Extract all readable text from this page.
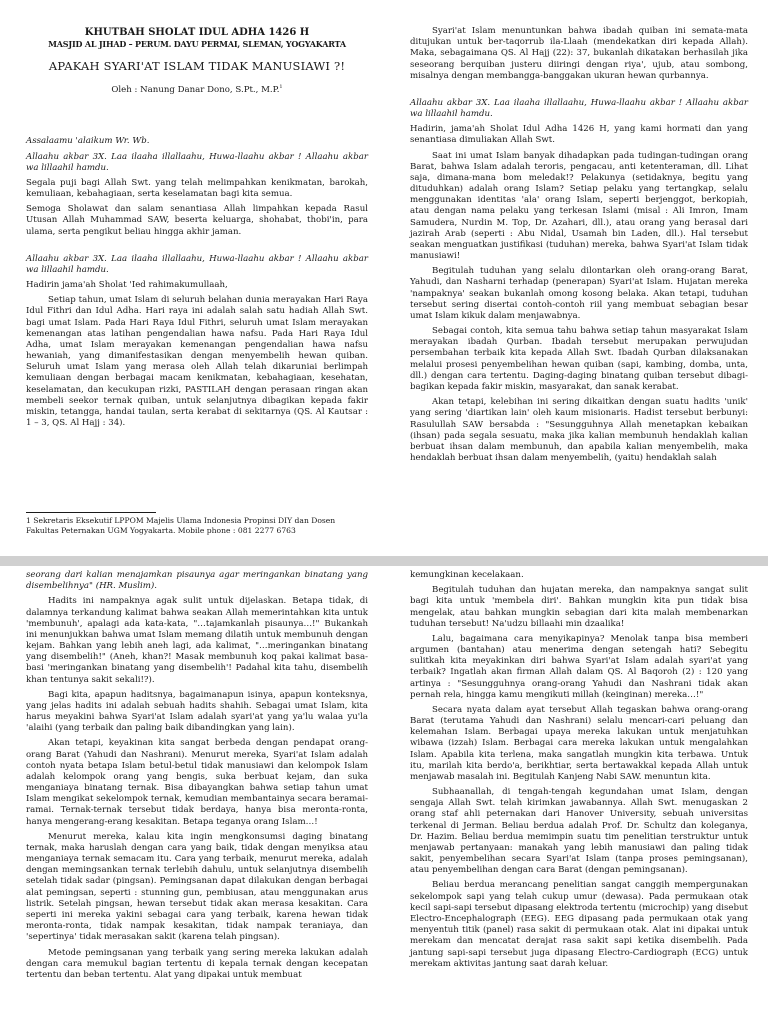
KHUTBAH SHOLAT IDUL ADHA 1426 H

MASJID AL JIHAD – PERUM. DAYU PERMAI, SLEMAN, YOGYAKARTA

APAKAH SYARI'AT ISLAM TIDAK MANUSIAWI ?!

Oleh : Nanung Danar Dono, S.Pt., M.P.$^1$

Assalaamu 'alaikum Wr. Wb.

Allaahu akbar 3X. Laa ilaaha illallaahu, Huwa-llaahu akbar ! Allaahu akbar wa lillaahil hamdu.

Segala puji bagi Allah Swt. yang telah melimpahkan kenikmatan, barokah, kemuliaan, kebahagiaan, serta keselamatan bagi kita semua.

Semoga Sholawat dan salam senantiasa Allah limpahkan kepada Rasul Utusan Allah Muhammad SAW, beserta keluarga, shohabat, thobi'in, para ulama, serta pengikut beliau hingga akhir jaman.

Allaahu akbar 3X. Laa ilaaha illallaahu, Huwa-llaahu akbar ! Allaahu akbar wa lillaahil hamdu.

Hadirin jama'ah Sholat 'Ied rahimakumullaah,

Setiap tahun, umat Islam di seluruh belahan dunia merayakan Hari Raya Idul Fithri dan Idul Adha. Hari raya ini adalah salah satu hadiah Allah Swt. bagi umat Islam. Pada Hari Raya Idul Fithri, seluruh umat Islam merayakan kemenangan atas latihan pengendalian hawa nafsu. Pada Hari Raya Idul Adha, umat Islam merayakan kemenangan pengendalian hawa nafsu hewaniah, yang dimanifestasikan dengan menyembelih hewan quiban. Seluruh umat Islam yang merasa oleh Allah telah dikaruniai berlimpah kemuliaan dengan berbagai macam kenikmatan, kebahagiaan, kesehatan, keselamatan, dan kecukupan rizki, PASTILAH dengan perasaan ringan akan membeli seekor ternak quiban, untuk selanjutnya dibagikan kepada fakir miskin, tetangga, handai taulan, serta kerabat di sekitarnya (QS. Al Kautsar : 1 – 3, QS. Al Hajj : 34).

1 Sekretaris Eksekutif LPPOM Majelis Ulama Indonesia Propinsi DIY dan Dosen Fakultas Peternakan UGM Yogyakarta. Mobile phone : 081 2277 6763

Syari'at Islam menuntunkan bahwa ibadah quiban ini semata-mata ditujukan untuk ber-taqorrub ila-Llaah (mendekatkan diri kepada Allah). Maka, sebagaimana QS. Al Hajj (22): 37, bukanlah dikatakan berhasilah jika seseorang berquiban justeru diiringi dengan riya', ujub, atau sombong, misalnya dengan membangga-banggakan ukuran hewan qurbannya.

Allaahu akbar 3X. Laa ilaaha illallaahu, Huwa-llaahu akbar ! Allaahu akbar wa lillaahil hamdu.

Hadirin, jama'ah Sholat Idul Adha 1426 H, yang kami hormati dan yang senantiasa dimuliakan Allah Swt.

Saat ini umat Islam banyak dihadapkan pada tudingan-tudingan orang Barat, bahwa Islam adalah teroris, pengacau, anti ketenteraman, dll. Lihat saja, dimana-mana bom meledak!? Pelakunya (setidaknya, begitu yang dituduhkan) adalah orang Islam? Setiap pelaku yang tertangkap, selalu menggunakan identitas 'ala' orang Islam, seperti berjenggot, berkopiah, atau dengan nama pelaku yang terkesan Islami (misal : Ali Imron, Imam Samudera, Nurdin M. Top, Dr. Azahari, dll.), atau orang yang berasal dari jazirah Arab (seperti : Abu Nidal, Usamah bin Laden, dll.). Hal tersebut seakan menguatkan justifikasi (tuduhan) mereka, bahwa Syari'at Islam tidak manusiawi!

Begitulah tuduhan yang selalu dilontarkan oleh orang-orang Barat, Yahudi, dan Nasharni terhadap (penerapan) Syari'at Islam. Hujatan mereka 'nampaknya' seakan bukanlah omong kosong belaka. Akan tetapi, tuduhan tersebut sering disertai contoh-contoh riil yang membuat sebagian besar umat Islam kikuk dalam menjawabnya.

Sebagai contoh, kita semua tahu bahwa setiap tahun masyarakat Islam merayakan ibadah Qurban. Ibadah tersebut merupakan perwujudan persembahan terbaik kita kepada Allah Swt. Ibadah Qurban dilaksanakan melalui prosesi penyembelihan hewan quiban (sapi, kambing, domba, unta, dll.) dengan cara tertentu. Daging-daging binatang quiban tersebut dibagi-bagikan kepada fakir miskin, masyarakat, dan sanak kerabat.

Akan tetapi, kelebihan ini sering dikaitkan dengan suatu hadits 'unik' yang sering 'diartikan lain' oleh kaum misionaris. Hadist tersebut berbunyi: Rasulullah SAW bersabda : "Sesungguhnya Allah menetapkan kebaikan (ihsan) pada segala sesuatu, maka jika kalian membunuh hendaklah kalian berbuat ihsan dalam membunuh, dan apabila kalian menyembelih, maka hendaklah berbuat ihsan dalam menyembelih, (yaitu) hendaklah salah

seorang dari kalian menajamkan pisaunya agar meringankan binatang yang disembelihnya" (HR. Muslim).

Hadits ini nampaknya agak sulit untuk dijelaskan. Betapa tidak, di dalamnya terkandung kalimat bahwa seakan Allah memerintahkan kita untuk 'membunuh', apalagi ada kata-kata, "…tajamkanlah pisaunya…!" Bukankah ini menunjukkan bahwa umat Islam memang dilatih untuk membunuh dengan kejam. Bahkan yang lebih aneh lagi, ada kalimat, "…meringankan binatang yang disembelih!" (Aneh, khan?! Masak membunuh koq pakai kalimat basa-basi 'meringankan binatang yang disembelih'! Padahal kita tahu, disembelih khan tentunya sakit sekali!?).

Bagi kita, apapun haditsnya, bagaimanapun isinya, apapun konteksnya, yang jelas hadits ini adalah sebuah hadits shahih. Sebagai umat Islam, kita harus meyakini bahwa Syari'at Islam adalah syari'at yang ya'lu walaa yu'la 'alaihi (yang terbaik dan paling baik dibandingkan yang lain).

Akan tetapi, keyakinan kita sangat berbeda dengan pendapat orang-orang Barat (Yahudi dan Nashrani). Menurut mereka, Syari'at Islam adalah contoh nyata betapa Islam betul-betul tidak manusiawi dan kelompok Islam adalah kelompok orang yang bengis, suka berbuat kejam, dan suka menganiaya binatang ternak. Bisa dibayangkan bahwa setiap tahun umat Islam mengikat sekelompok ternak, kemudian membantainya secara beramai-ramai. Ternak-ternak tersebut tidak berdaya, hanya bisa meronta-ronta, hanya mengerang-erang kesakitan. Betapa teganya orang Islam…!

Menurut mereka, kalau kita ingin mengkonsumsi daging binatang ternak, maka haruslah dengan cara yang baik, tidak dengan menyiksa atau menganiaya ternak semacam itu. Cara yang terbaik, menurut mereka, adalah dengan memingsankan ternak terlebih dahulu, untuk selanjutnya disembelih setelah tidak sadar (pingsan). Pemingsanan dapat dilakukan dengan berbagai alat pemingsan, seperti : stunning gun, pembiusan, atau menggunakan arus listrik. Setelah pingsan, hewan tersebut tidak akan merasa kesakitan. Cara seperti ini mereka yakini sebagai cara yang terbaik, karena hewan tidak meronta-ronta, tidak nampak kesakitan, tidak nampak teraniaya, dan 'sepertinya' tidak merasakan sakit (karena telah pingsan).

Metode pemingsanan yang terbaik yang sering mereka lakukan adalah dengan cara memukul bagian tertentu di kepala ternak dengan kecepatan tertentu dan beban tertentu. Alat yang dipakai untuk membuat

kemungkinan kecelakaan.

Begitulah tuduhan dan hujatan mereka, dan nampaknya sangat sulit bagi kita untuk 'membela diri'. Bahkan mungkin kita pun tidak bisa mengelak, atau bahkan mungkin sebagian dari kita malah membenarkan tuduhan tersebut! Na'udzu billaahi min dzaalika!

Lalu, bagaimana cara menyikapinya? Menolak tanpa bisa memberi argumen (bantahan) atau menerima dengan setengah hati? Sebegitu sulitkah kita meyakinkan diri bahwa Syari'at Islam adalah syari'at yang terbaik? Ingatlah akan firman Allah dalam QS. Al Baqoroh (2) : 120 yang artinya : "Sesungguhnya orang-orang Yahudi dan Nashrani tidak akan pernah rela, hingga kamu mengikuti millah (keinginan) mereka…!"

Secara nyata dalam ayat tersebut Allah tegaskan bahwa orang-orang Barat (terutama Yahudi dan Nashrani) selalu mencari-cari peluang dan kelemahan Islam. Berbagai upaya mereka lakukan untuk menjatuhkan wibawa (izzah) Islam. Berbagai cara mereka lakukan untuk mengalahkan Islam. Apabila kita terlena, maka sangatlah mungkin kita terbawa. Untuk itu, marilah kita berdo'a, berikhtiar, serta bertawakkal kepada Allah untuk menjawab masalah ini. Begitulah Kanjeng Nabi SAW. menuntun kita.

Subhaanallah, di tengah-tengah kegundahan umat Islam, dengan sengaja Allah Swt. telah kirimkan jawabannya. Allah Swt. menugaskan 2 orang staf ahli peternakan dari Hanover University, sebuah universitas terkenal di Jerman. Beliau berdua adalah Prof. Dr. Schultz dan koleganya, Dr. Hazim. Beliau berdua memimpin suatu tim penelitian terstruktur untuk menjawab pertanyaan: manakah yang lebih manusiawi dan paling tidak sakit, penyembelihan secara Syari'at Islam (tanpa proses pemingsanan), atau penyembelihan dengan cara Barat (dengan pemingsanan).

Beliau berdua merancang penelitian sangat canggih mempergunakan sekelompok sapi yang telah cukup umur (dewasa). Pada permukaan otak kecil sapi-sapi tersebut dipasang elektroda tertentu (microchip) yang disebut Electro-Encephalograph (EEG). EEG dipasang pada permukaan otak yang menyentuh titik (panel) rasa sakit di permukaan otak. Alat ini dipakai untuk merekam dan mencatat derajat rasa sakit sapi ketika disembelih. Pada jantung sapi-sapi tersebut juga dipasang Electro-Cardiograph (ECG) untuk merekam aktivitas jantung saat darah keluar.
